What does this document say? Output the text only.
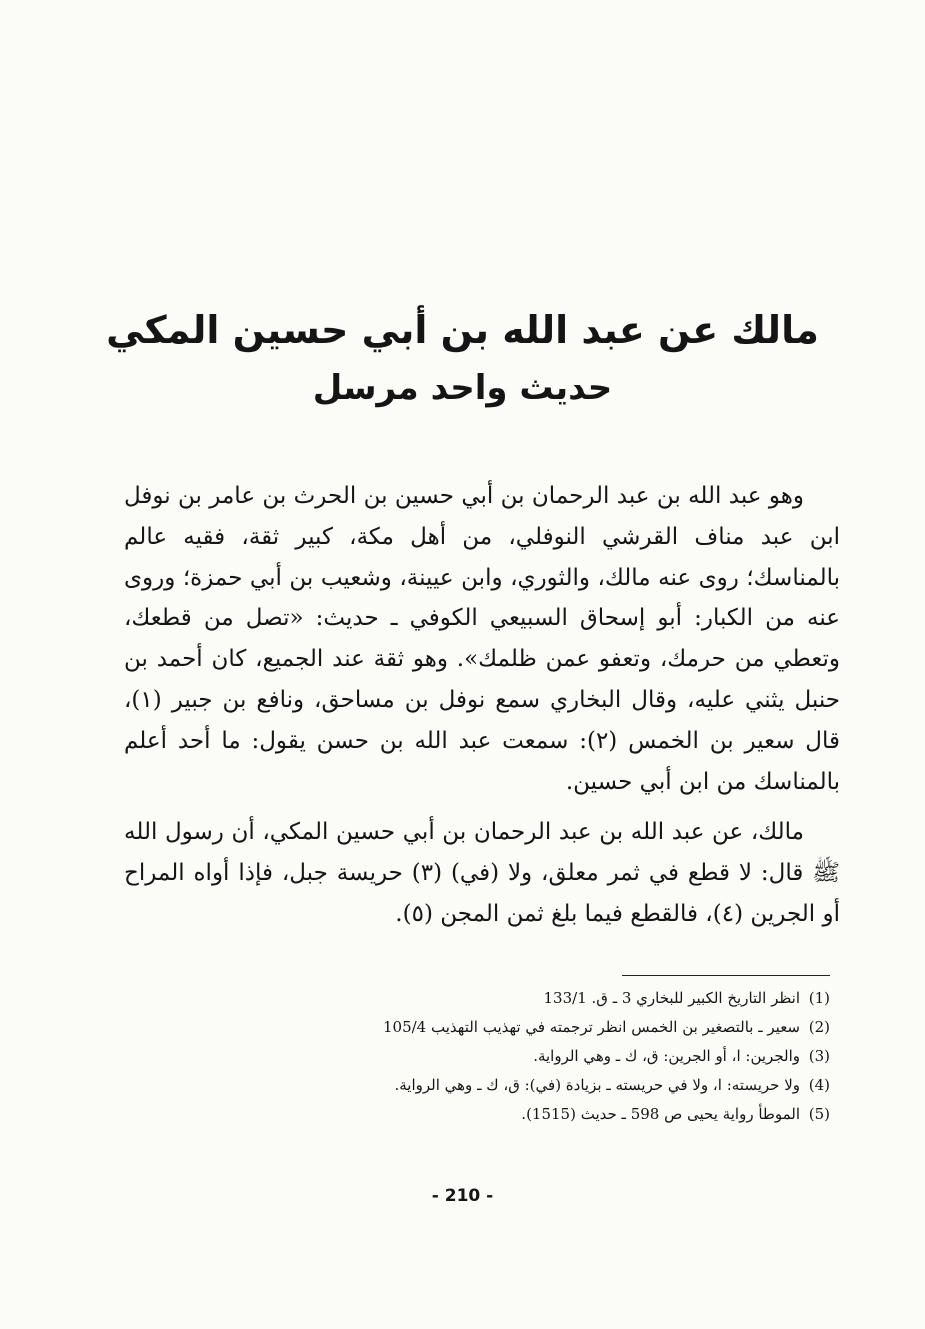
مالك عن عبد الله بن أبي حسين المكي
حديث واحد مرسل

وهو عبد الله بن عبد الرحمان بن أبي حسين بن الحرث بن عامر بن نوفل ابن عبد مناف القرشي النوفلي، من أهل مكة، كبير ثقة، فقيه عالم بالمناسك؛ روى عنه مالك، والثوري، وابن عيينة، وشعيب بن أبي حمزة؛ وروى عنه من الكبار: أبو إسحاق السبيعي الكوفي ـ حديث: «تصل من قطعك، وتعطي من حرمك، وتعفو عمن ظلمك». وهو ثقة عند الجميع، كان أحمد بن حنبل يثني عليه، وقال البخاري سمع نوفل بن مساحق، ونافع بن جبير (١)، قال سعير بن الخمس (٢): سمعت عبد الله بن حسن يقول: ما أحد أعلم بالمناسك من ابن أبي حسين.

مالك، عن عبد الله بن عبد الرحمان بن أبي حسين المكي، أن رسول الله ﷺ قال: لا قطع في ثمر معلق، ولا (في) (٣) حريسة جبل، فإذا أواه المراح أو الجرين (٤)، فالقطع فيما بلغ ثمن المجن (٥).

(1)انظر التاريخ الكبير للبخاري 3 ـ ق. 133/1

(2)سعير ـ بالتصغير بن الخمس انظر ترجمته في تهذيب التهذيب 105/4

(3)والجرين: ا، أو الجرين: ق، ك ـ وهي الرواية.

(4)ولا حريسته: ا، ولا في حريسته ـ بزيادة (في): ق، ك ـ وهي الرواية.

(5)الموطأ رواية يحيى ص 598 ـ حديث (1515).

- 210 -
